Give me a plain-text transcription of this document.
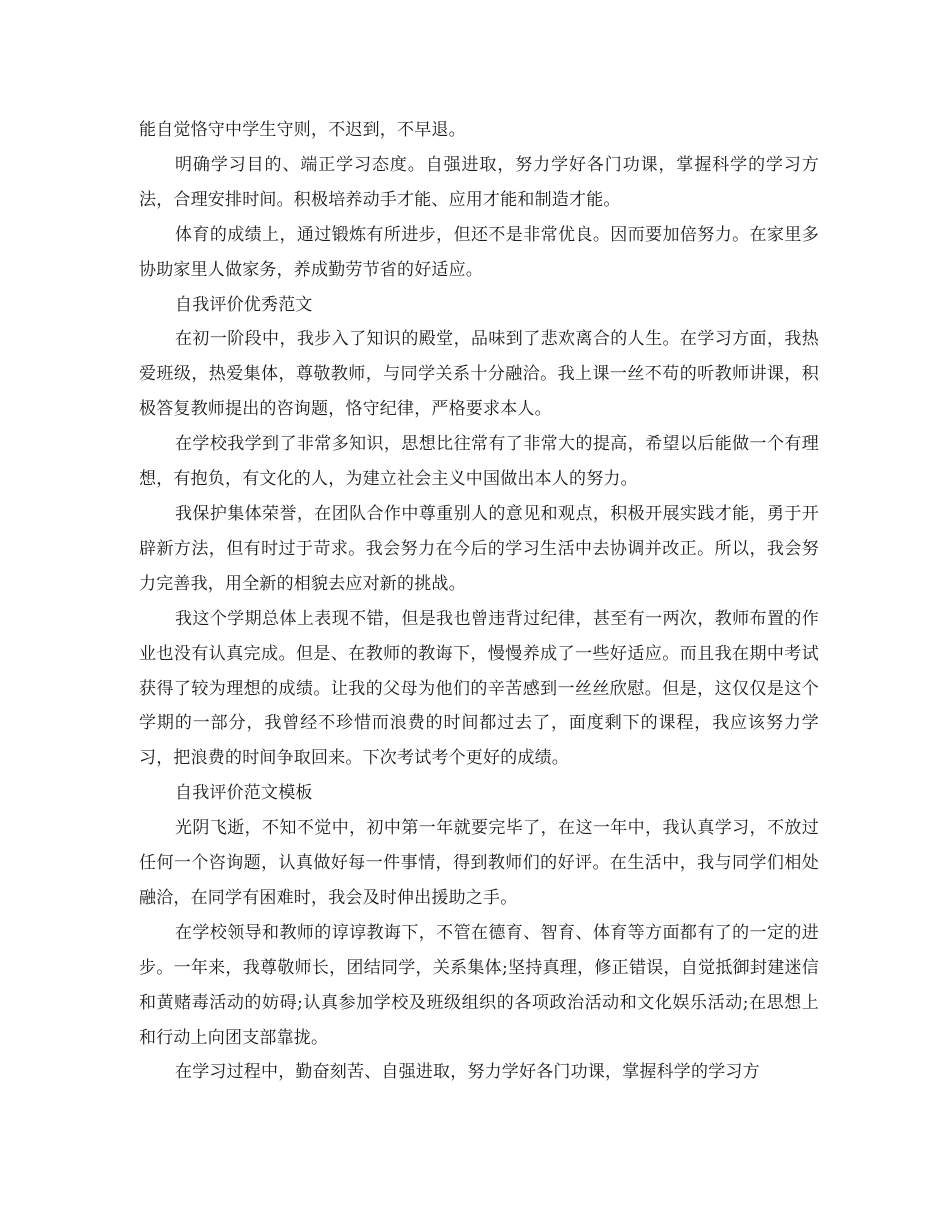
能自觉恪守中学生守则，不迟到，不早退。

明确学习目的、端正学习态度。自强进取，努力学好各门功课，掌握科学的学习方法，合理安排时间。积极培养动手才能、应用才能和制造才能。

体育的成绩上，通过锻炼有所进步，但还不是非常优良。因而要加倍努力。在家里多协助家里人做家务，养成勤劳节省的好适应。

自我评价优秀范文

在初一阶段中，我步入了知识的殿堂，品味到了悲欢离合的人生。在学习方面，我热爱班级，热爱集体，尊敬教师，与同学关系十分融洽。我上课一丝不苟的听教师讲课，积极答复教师提出的咨询题，恪守纪律，严格要求本人。

在学校我学到了非常多知识，思想比往常有了非常大的提高，希望以后能做一个有理想，有抱负，有文化的人，为建立社会主义中国做出本人的努力。

我保护集体荣誉，在团队合作中尊重别人的意见和观点，积极开展实践才能，勇于开辟新方法，但有时过于苛求。我会努力在今后的学习生活中去协调并改正。所以，我会努力完善我，用全新的相貌去应对新的挑战。

我这个学期总体上表现不错，但是我也曾违背过纪律，甚至有一两次，教师布置的作业也没有认真完成。但是、在教师的教诲下，慢慢养成了一些好适应。而且我在期中考试获得了较为理想的成绩。让我的父母为他们的辛苦感到一丝丝欣慰。但是，这仅仅是这个学期的一部分，我曾经不珍惜而浪费的时间都过去了，面度剩下的课程，我应该努力学习，把浪费的时间争取回来。下次考试考个更好的成绩。

自我评价范文模板

光阴飞逝，不知不觉中，初中第一年就要完毕了，在这一年中，我认真学习，不放过任何一个咨询题，认真做好每一件事情，得到教师们的好评。在生活中，我与同学们相处融洽，在同学有困难时，我会及时伸出援助之手。

在学校领导和教师的谆谆教诲下，不管在德育、智育、体育等方面都有了的一定的进步。一年来，我尊敬师长，团结同学，关系集体;坚持真理，修正错误，自觉抵御封建迷信和黄赌毒活动的妨碍;认真参加学校及班级组织的各项政治活动和文化娱乐活动;在思想上和行动上向团支部靠拢。

在学习过程中，勤奋刻苦、自强进取，努力学好各门功课，掌握科学的学习方
